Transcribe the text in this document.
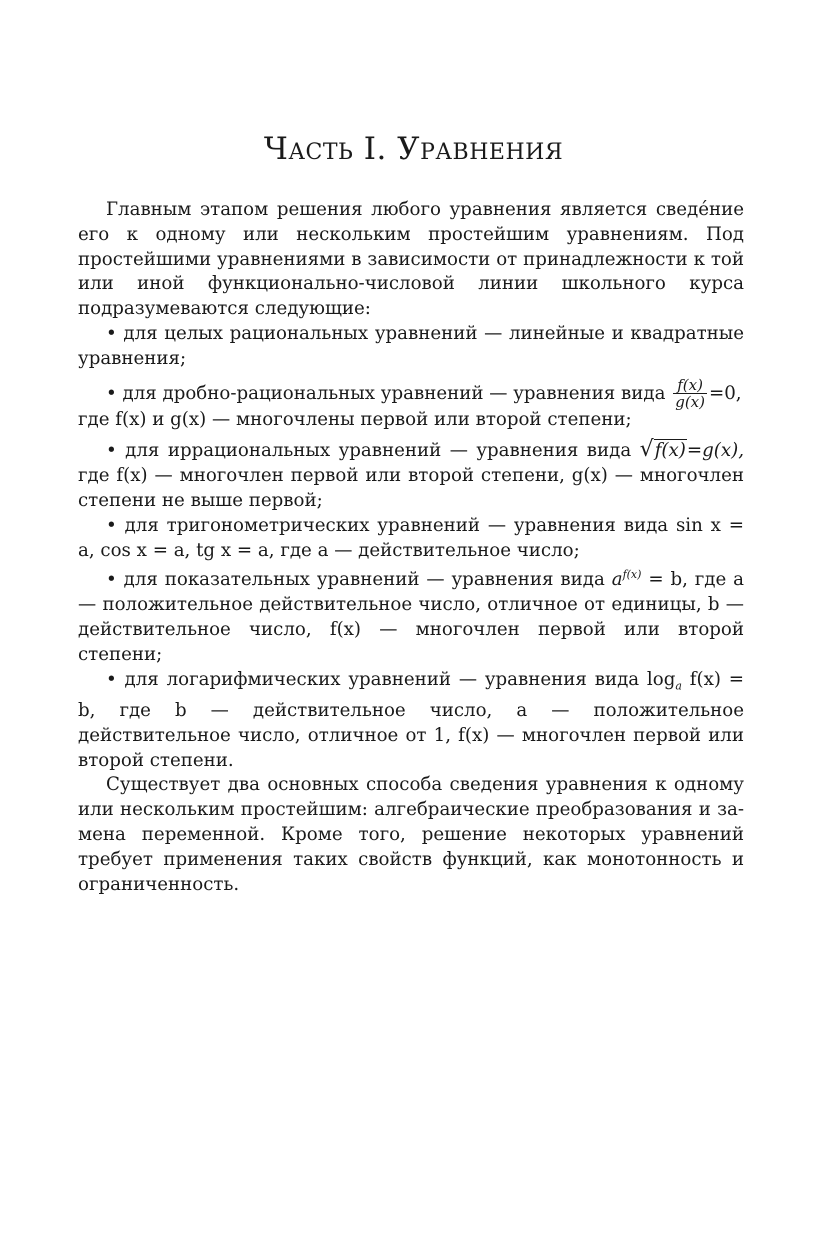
Часть I. Уравнения

Главным этапом решения любого уравнения является сведе́ние его к одному или нескольким простейшим уравнениям. Под простейшими уравнениями в зависимости от принадлежности к той или иной функционально-числовой линии школьного курса подразумеваются следующие:

• для целых рациональных уравнений — линейные и квадратные уравнения;

• для дробно-рациональных уравнений — уравнения вида $\frac{f(x)}{g(x)} =0$,

где f(x) и g(x) — многочлены первой или второй степени;

• для иррациональных уравнений — уравнения вида √f(x)=g(x), где f(x) — многочлен первой или второй степени, g(x) — многочлен степени не выше первой;

• для тригонометрических уравнений — уравнения вида sin x = a, cos x = a, tg x = a, где a — действительное число;

• для показательных уравнений — уравнения вида $a^{f(x)} = b$, где a — положительное действительное число, отличное от единицы, b — действительное число, f(x) — многочлен первой или второй степени;

• для логарифмических уравнений — уравнения вида $\log_a f(x) = b$, где b — действительное число, a — положительное действительное число, отличное от 1, f(x) — многочлен первой или второй степени.

Существует два основных способа сведения уравнения к одному или нескольким простейшим: алгебраические преобразования и замена переменной. Кроме того, решение некоторых уравнений требует применения таких свойств функций, как монотонность и ограниченность.
